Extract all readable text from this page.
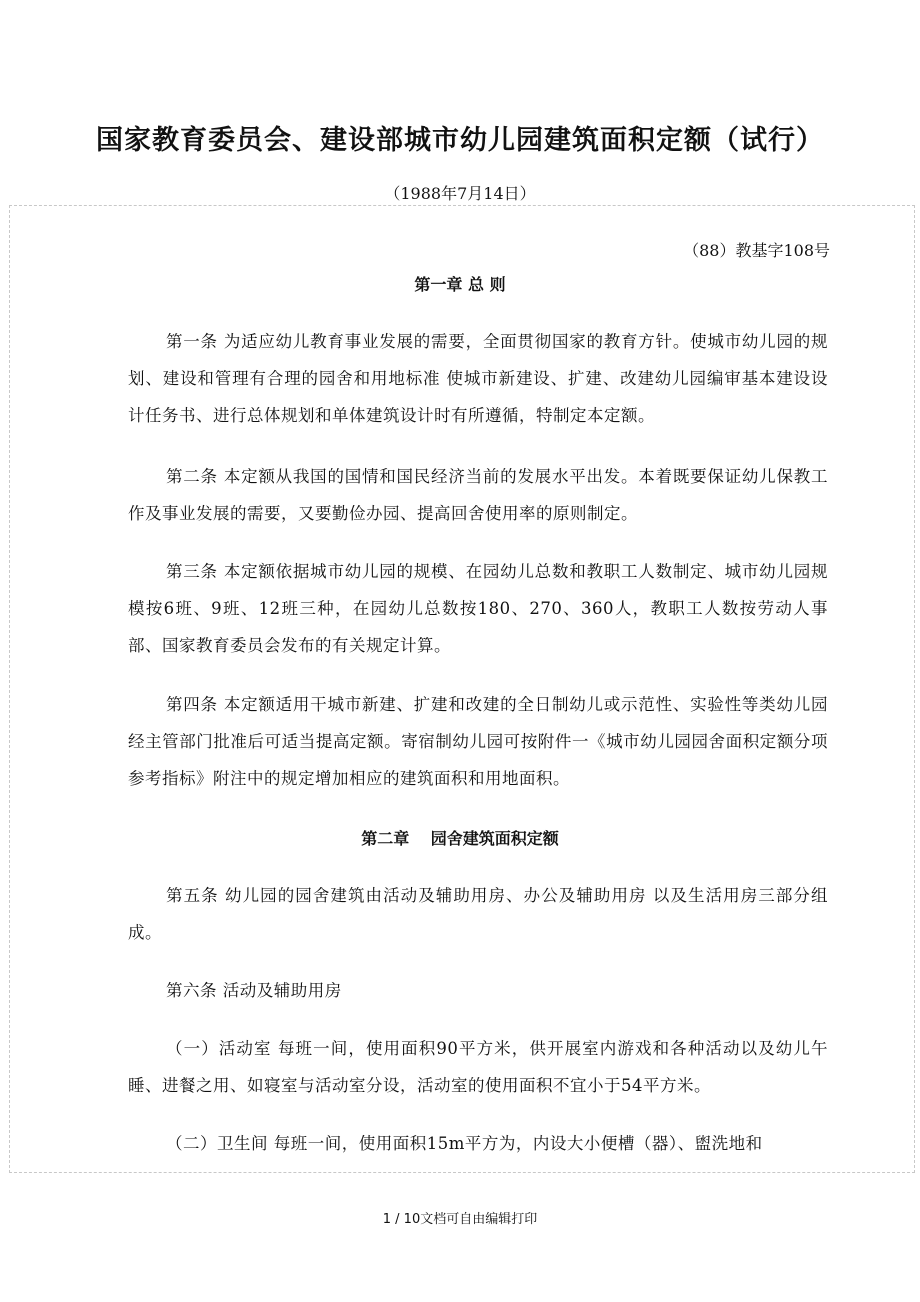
国家教育委员会、建设部城市幼儿园建筑面积定额（试行）
（1988年7月14日）
（88）教基字108号
第一章 总 则
第一条 为适应幼儿教育事业发展的需要，全面贯彻国家的教育方针。使城市幼儿园的规划、建设和管理有合理的园舍和用地标准 使城市新建设、扩建、改建幼儿园编审基本建设设计任务书、进行总体规划和单体建筑设计时有所遵循，特制定本定额。
第二条 本定额从我国的国情和国民经济当前的发展水平出发。本着既要保证幼儿保教工作及事业发展的需要，又要勤俭办园、提高回舍使用率的原则制定。
第三条 本定额依据城市幼儿园的规模、在园幼儿总数和教职工人数制定、城市幼儿园规模按6班、9班、12班三种，在园幼儿总数按180、270、360人，教职工人数按劳动人事部、国家教育委员会发布的有关规定计算。
第四条 本定额适用干城市新建、扩建和改建的全日制幼儿或示范性、实验性等类幼儿园经主管部门批准后可适当提高定额。寄宿制幼儿园可按附件一《城市幼儿园园舍面积定额分项参考指标》附注中的规定增加相应的建筑面积和用地面积。
第二章　 园舍建筑面积定额
第五条 幼儿园的园舍建筑由活动及辅助用房、办公及辅助用房 以及生活用房三部分组成。
第六条 活动及辅助用房
（一）活动室 每班一间，使用面积90平方米，供开展室内游戏和各种活动以及幼儿午睡、进餐之用、如寝室与活动室分设，活动室的使用面积不宜小于54平方米。
（二）卫生间 每班一间，使用面积15m平方为，内设大小便槽（器）、盥洗地和
1 / 10文档可自由编辑打印
